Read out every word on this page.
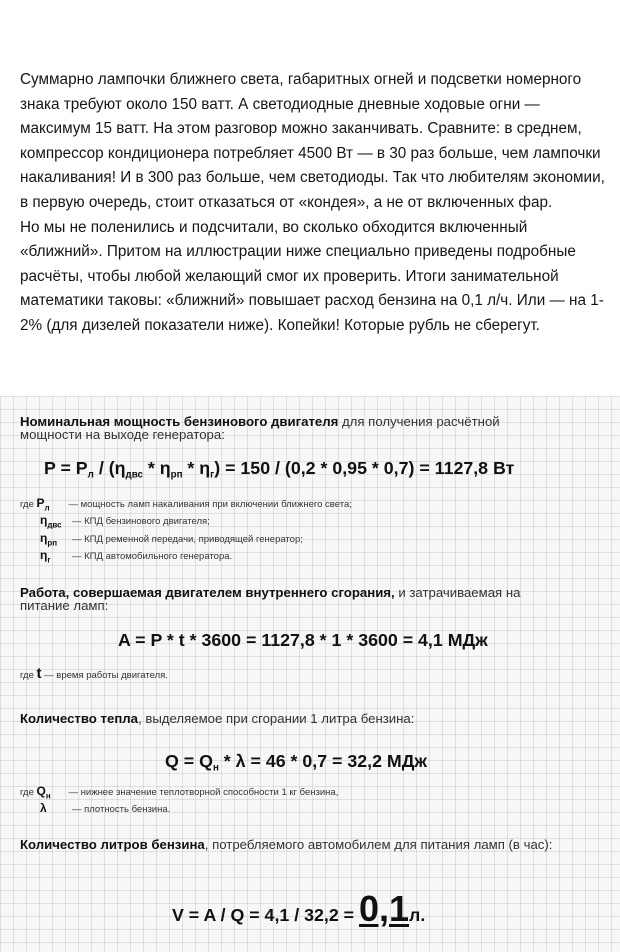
Суммарно лампочки ближнего света, габаритных огней и подсветки номерного знака требуют около 150 ватт. А светодиодные дневные ходовые огни — максимум 15 ватт. На этом разговор можно заканчивать. Сравните: в среднем, компрессор кондиционера потребляет 4500 Вт — в 30 раз больше, чем лампочки накаливания! И в 300 раз больше, чем светодиоды. Так что любителям экономии, в первую очередь, стоит отказаться от «кондея», а не от включенных фар.

Но мы не поленились и подсчитали, во сколько обходится включенный «ближний». Притом на иллюстрации ниже специально приведены подробные расчёты, чтобы любой желающий смог их проверить. Итоги занимательной математики таковы: «ближний» повышает расход бензина на 0,1 л/ч. Или — на 1-2% (для дизелей показатели ниже). Копейки! Которые рубль не сберегут.

Номинальная мощность бензинового двигателя для получения расчётной мощности на выходе генератора:
$P = P_л / (\eta_{двс} * \eta_{рп} * \eta_г) = 150 / (0,2 * 0,95 * 0,7) = 1127,8$ Вт
где $P_л$ — мощность ламп накаливания при включении ближнего света;
$\eta_{двс}$ — КПД бензинового двигателя;
$\eta_{рп}$ — КПД ременной передачи, приводящей генератор;
$\eta_г$ — КПД автомобильного генератора.
Работа, совершаемая двигателем внутреннего сгорания, и затрачиваемая на питание ламп:
A = P * t * 3600 = 1127,8 * 1 * 3600 = 4,1 МДж
где t — время работы двигателя.
Количество тепла, выделяемое при сгорании 1 литра бензина:
$Q = Q_н * \lambda = 46 * 0,7 = 32,2$ МДж
где $Q_н$ — нижнее значение теплотворной способности 1 кг бензина,
λ	— плотность бензина.
Количество литров бензина, потребляемого автомобилем для питания ламп (в час):
V = A / Q = 4,1 / 32,2 = 0,1л.
